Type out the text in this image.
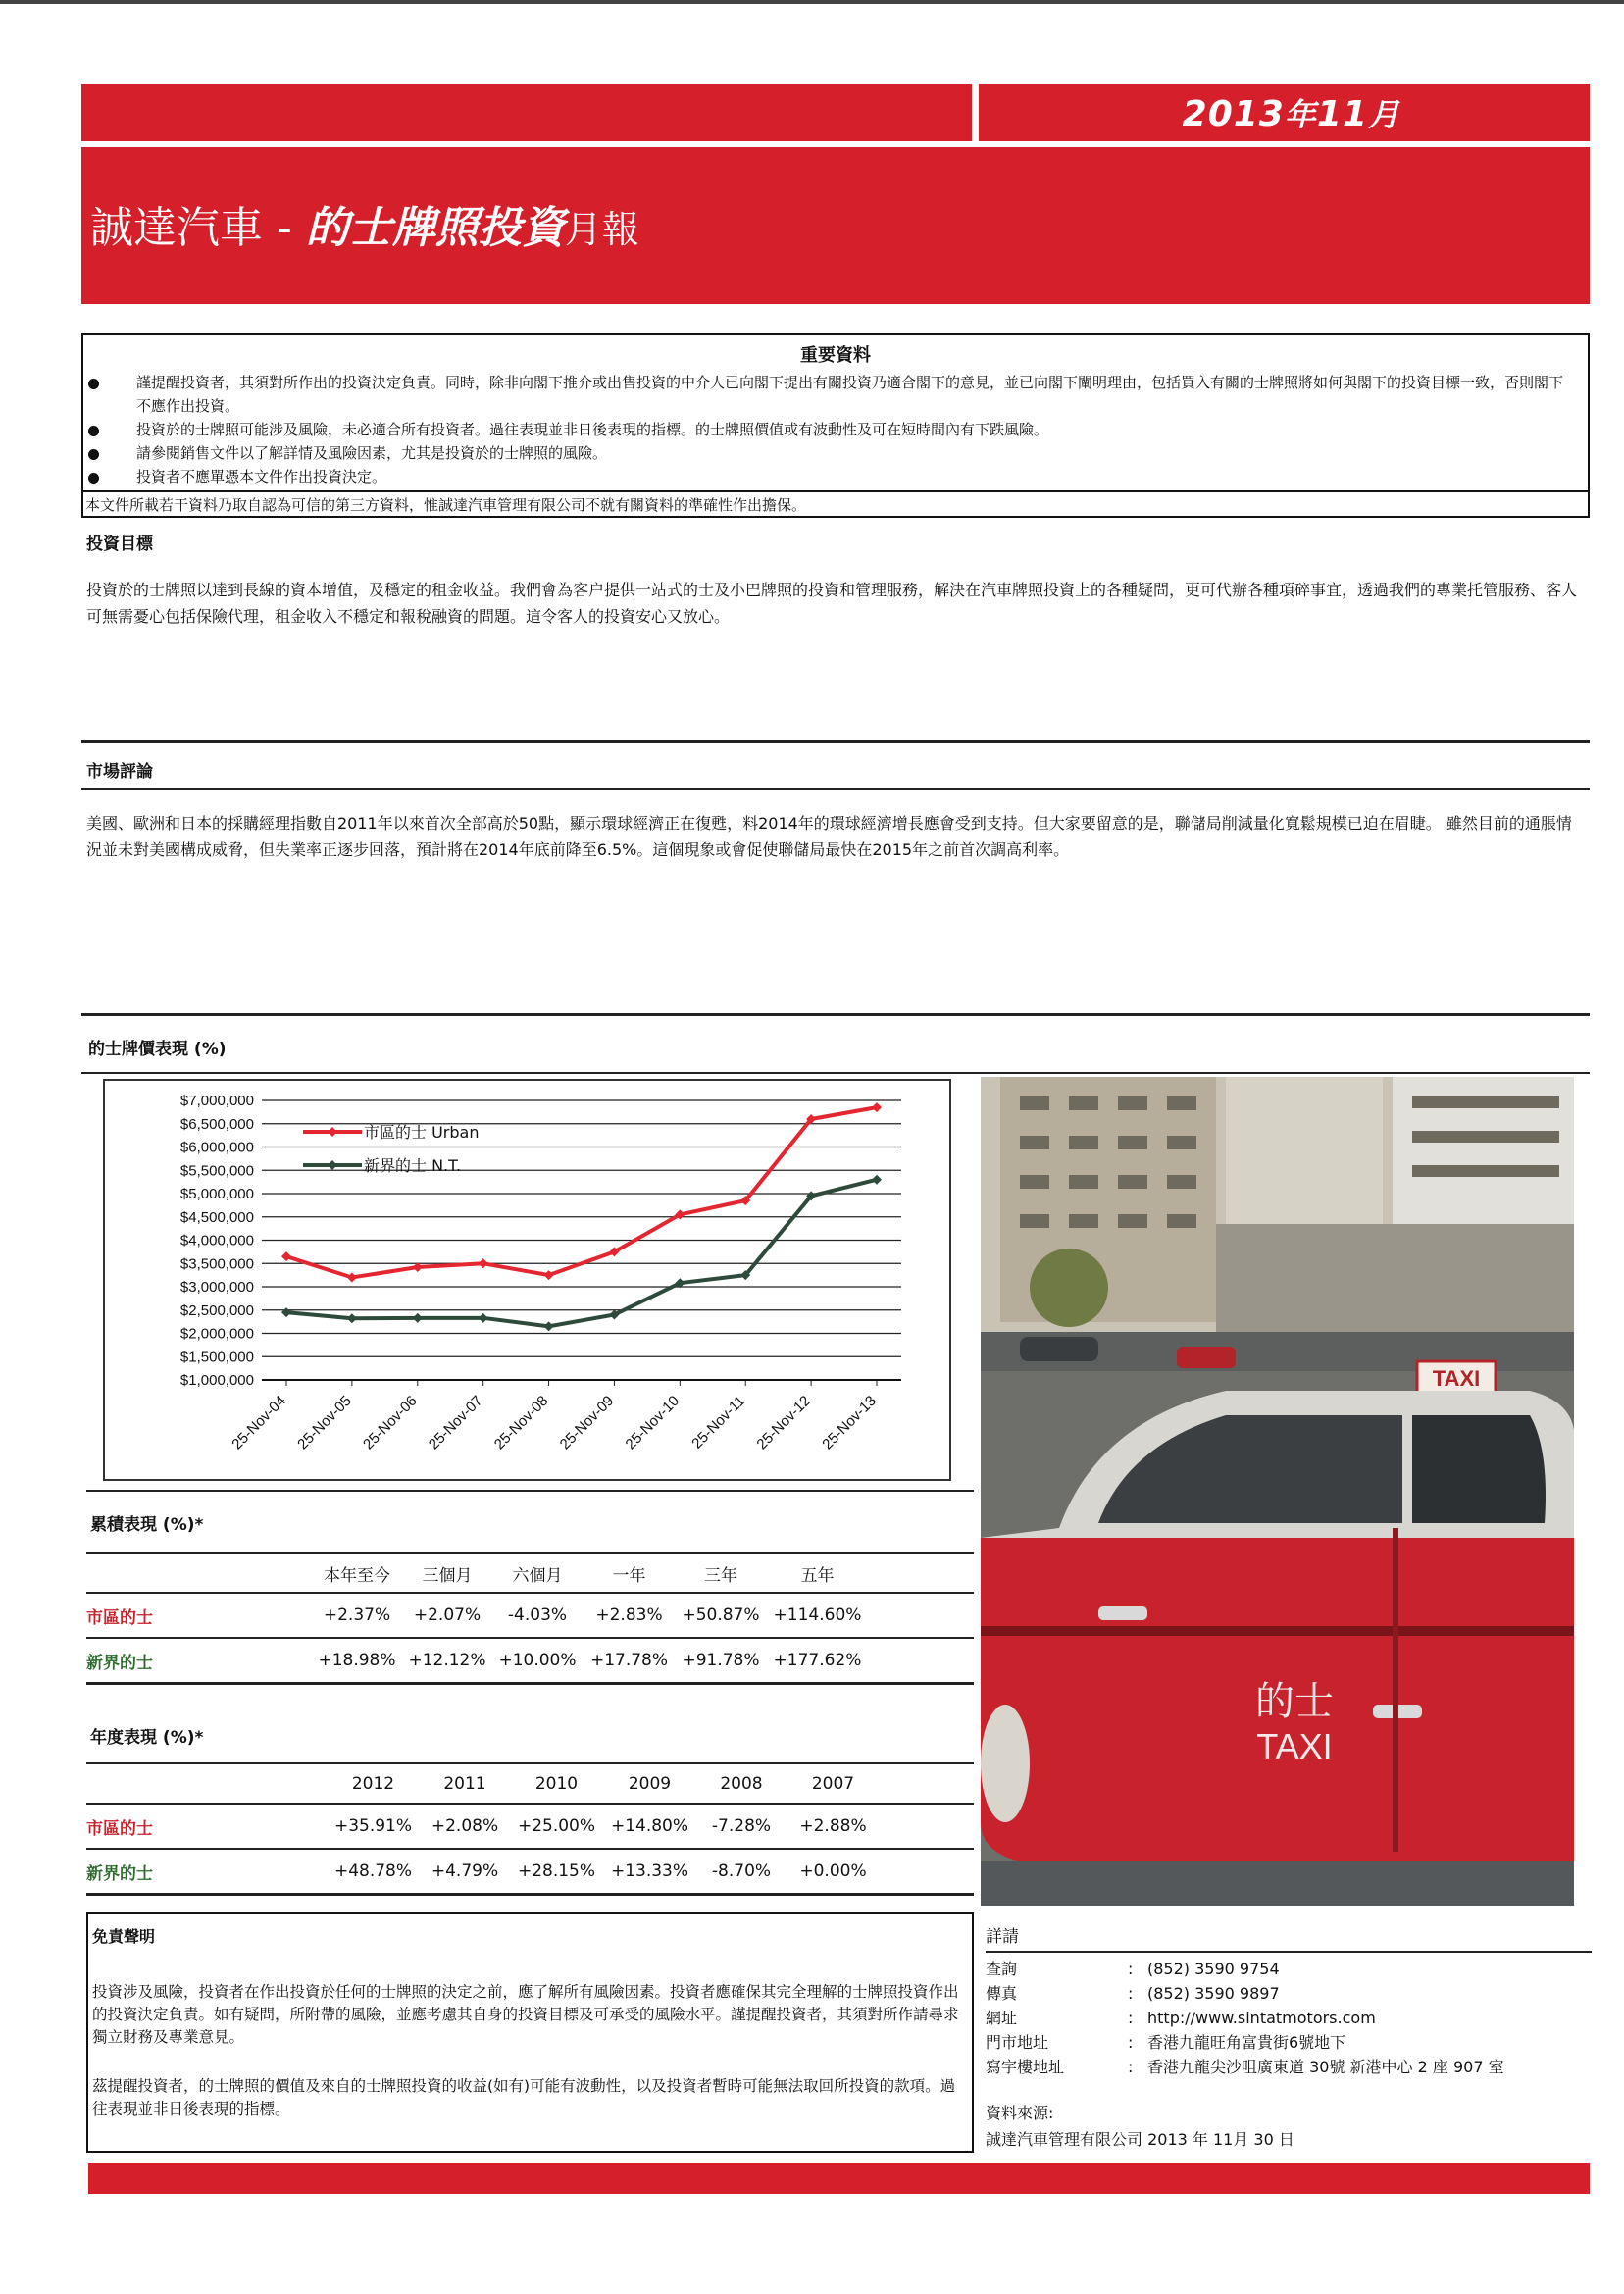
2013年11月
誠達汽車 - 的士牌照投資月報
重要資料
謹提醒投資者，其須對所作出的投資決定負責。同時，除非向閣下推介或出售投資的中介人已向閣下提出有關投資乃適合閣下的意見，並已向閣下闡明理由，包括買入有關的士牌照將如何與閣下的投資目標一致，否則閣下不應作出投資。
投資於的士牌照可能涉及風險，未必適合所有投資者。過往表現並非日後表現的指標。的士牌照價值或有波動性及可在短時間內有下跌風險。
請參閱銷售文件以了解詳情及風險因素，尤其是投資於的士牌照的風險。
投資者不應單憑本文件作出投資決定。
本文件所載若干資料乃取自認為可信的第三方資料，惟誠達汽車管理有限公司不就有關資料的準確性作出擔保。
投資目標
投資於的士牌照以達到長線的資本增值，及穩定的租金收益。我們會為客户提供一站式的士及小巴牌照的投資和管理服務，解決在汽車牌照投資上的各種疑問，更可代辦各種項碎事宜，透過我們的專業托管服務、客人可無需憂心包括保險代理，租金收入不穩定和報稅融資的問題。這令客人的投資安心又放心。
市場評論
美國、歐洲和日本的採購經理指數自2011年以來首次全部高於50點，顯示環球經濟正在復甦，料2014年的環球經濟增長應會受到支持。但大家要留意的是，聯儲局削減量化寬鬆規模已迫在眉睫。 雖然目前的通脹情況並未對美國構成威脅，但失業率正逐步回落，預計將在2014年底前降至6.5%。這個現象或會促使聯儲局最快在2015年之前首次調高利率。
的士牌價表現 (%)
$7,000,000
$6,500,000
$6,000,000
$5,500,000
$5,000,000
$4,500,000
$4,000,000
$3,500,000
$3,000,000
$2,500,000
$2,000,000
$1,500,000
$1,000,000
25-Nov-04 25-Nov-05 25-Nov-06 25-Nov-07 25-Nov-08 25-Nov-09 25-Nov-10 25-Nov-11 25-Nov-12 25-Nov-13
市區的士 Urban
新界的士 N.T.
TAXI
的士
TAXI
累積表現 (%)*
	本年至今	三個月	六個月	一年	三年	五年	
市區的士	+2.37%	+2.07%	-4.03%	+2.83%	+50.87%	+114.60%	
新界的士	+18.98%	+12.12%	+10.00%	+17.78%	+91.78%	+177.62%	
年度表現 (%)*
	2012	2011	2010	2009	2008	2007	
市區的士	+35.91%	+2.08%	+25.00%	+14.80%	-7.28%	+2.88%	
新界的士	+48.78%	+4.79%	+28.15%	+13.33%	-8.70%	+0.00%	
免責聲明
投資涉及風險，投資者在作出投資於任何的士牌照的決定之前，應了解所有風險因素。投資者應確保其完全理解的士牌照投資作出的投資決定負責。如有疑問，所附帶的風險，並應考慮其自身的投資目標及可承受的風險水平。謹提醒投資者，其須對所作請尋求獨立財務及專業意見。
茲提醒投資者，的士牌照的價值及來自的士牌照投資的收益(如有)可能有波動性，以及投資者暫時可能無法取回所投資的款項。過往表現並非日後表現的指標。
詳請
查詢	: (852) 3590 9754
傳真	: (852) 3590 9897
網址	: http://www.sintatmotors.com
門市地址	: 香港九龍旺角富貴街6號地下
寫字樓地址	: 香港九龍尖沙咀廣東道 30號 新港中心 2 座 907 室
資料來源:
誠達汽車管理有限公司 2013 年 11月 30 日
